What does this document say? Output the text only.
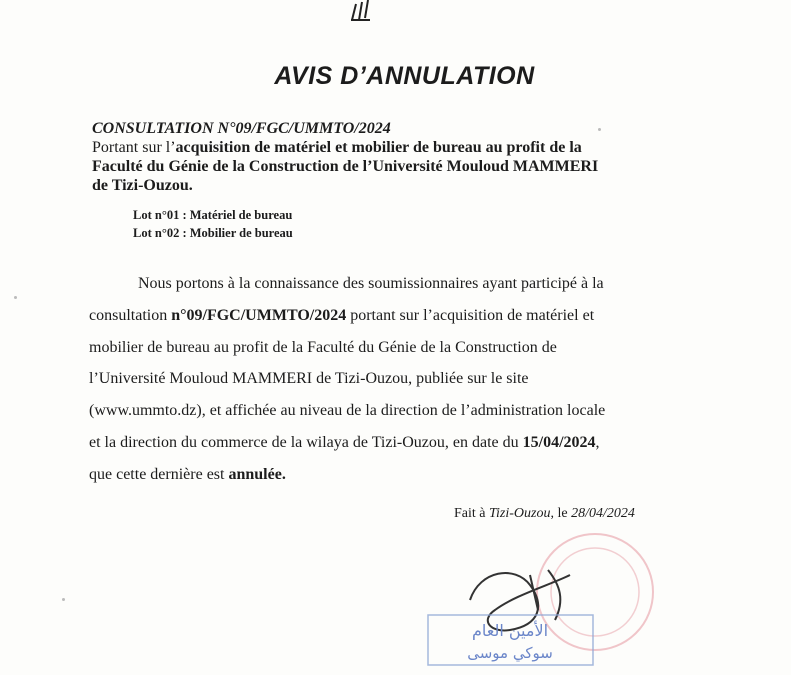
AVIS D’ANNULATION
CONSULTATION N°09/FGC/UMMTO/2024
Portant sur l’acquisition de matériel et mobilier de bureau au profit de la
Faculté du Génie de la Construction de l’Université Mouloud MAMMERI
de Tizi-Ouzou.
Lot n°01 : Matériel de bureau
Lot n°02 : Mobilier de bureau
Nous portons à la connaissance des soumissionnaires ayant participé à la
consultation n°09/FGC/UMMTO/2024 portant sur l’acquisition de matériel et
mobilier de bureau au profit de la Faculté du Génie de la Construction de
l’Université Mouloud MAMMERI de Tizi-Ouzou, publiée sur le site
(www.ummto.dz), et affichée au niveau de la direction de l’administration locale
et la direction du commerce de la wilaya de Tizi-Ouzou, en date du 15/04/2024,
que cette dernière est annulée.
Fait à Tizi-Ouzou, le 28/04/2024
الأمين العام
سوكي موسى
